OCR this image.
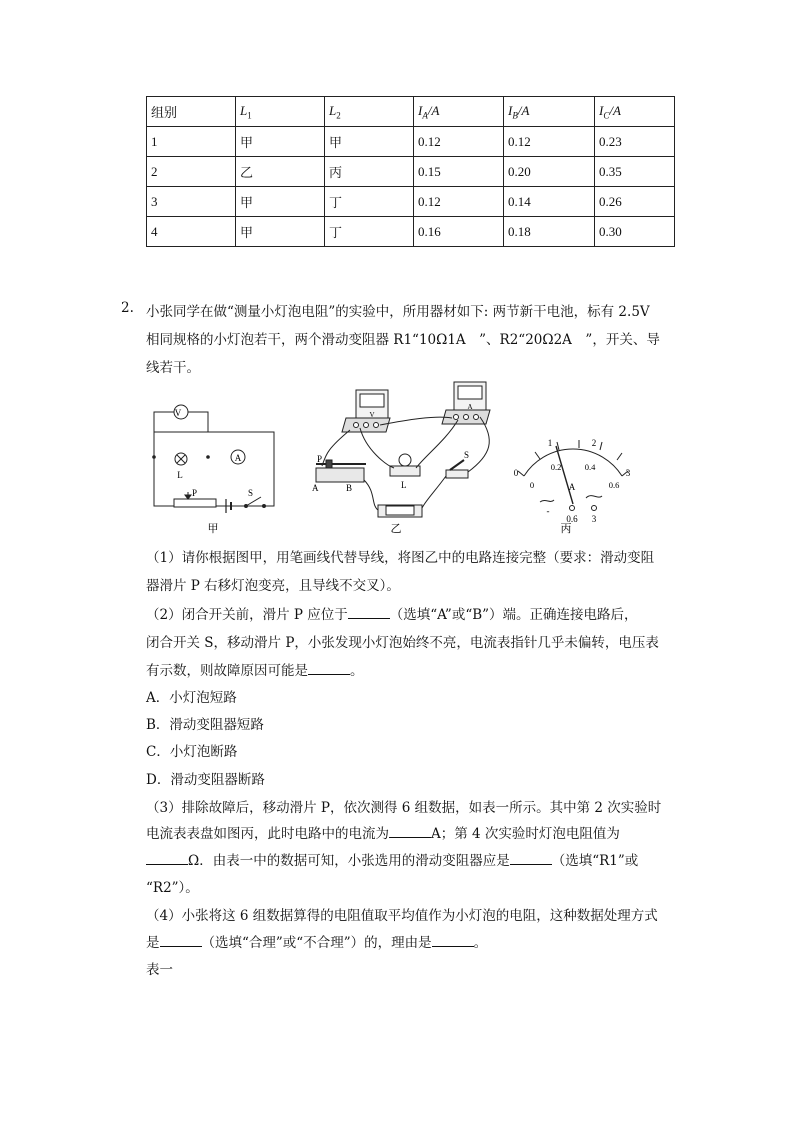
组别	$L_1$	$L_2$	$I_A/A$	$I_B/A$	$I_C/A$
1	甲	甲	0.12	0.12	0.23
2	乙	丙	0.15	0.20	0.35
3	甲	丁	0.12	0.14	0.26
4	甲	丁	0.16	0.18	0.30
2. 小张同学在做“测量小灯泡电阻”的实验中，所用器材如下: 两节新干电池，标有 2.5V
相同规格的小灯泡若干，两个滑动变阻器 R1“10Ω1A　”、R2“20Ω2A　”，开关、导
线若干。
V
A
L
P	S
甲
P
A	B	L
S
V
A
乙
0
1	2
3
0
0.2	0.4
0.6
A
-
0.6 3
丙
（1）请你根据图甲，用笔画线代替导线，将图乙中的电路连接完整（要求：滑动变阻
器滑片 P 右移灯泡变亮，且导线不交叉）。
（2）闭合开关前，滑片 P 应位于	（选填“A”或“B”）端。正确连接电路后，
闭合开关 S，移动滑片 P，小张发现小灯泡始终不亮，电流表指针几乎未偏转，电压表
有示数，则故障原因可能是	。
A．小灯泡短路
B．滑动变阻器短路
C．小灯泡断路
D．滑动变阻器断路
（3）排除故障后，移动滑片 P，依次测得 6 组数据，如表一所示。其中第 2 次实验时
电流表表盘如图丙，此时电路中的电流为	A；第 4 次实验时灯泡电阻值为
Ω．由表一中的数据可知，小张选用的滑动变阻器应是	（选填“R1”或
“R2”）。
（4）小张将这 6 组数据算得的电阻值取平均值作为小灯泡的电阻，这种数据处理方式
是	（选填“合理”或“不合理”）的，理由是	。
表一
